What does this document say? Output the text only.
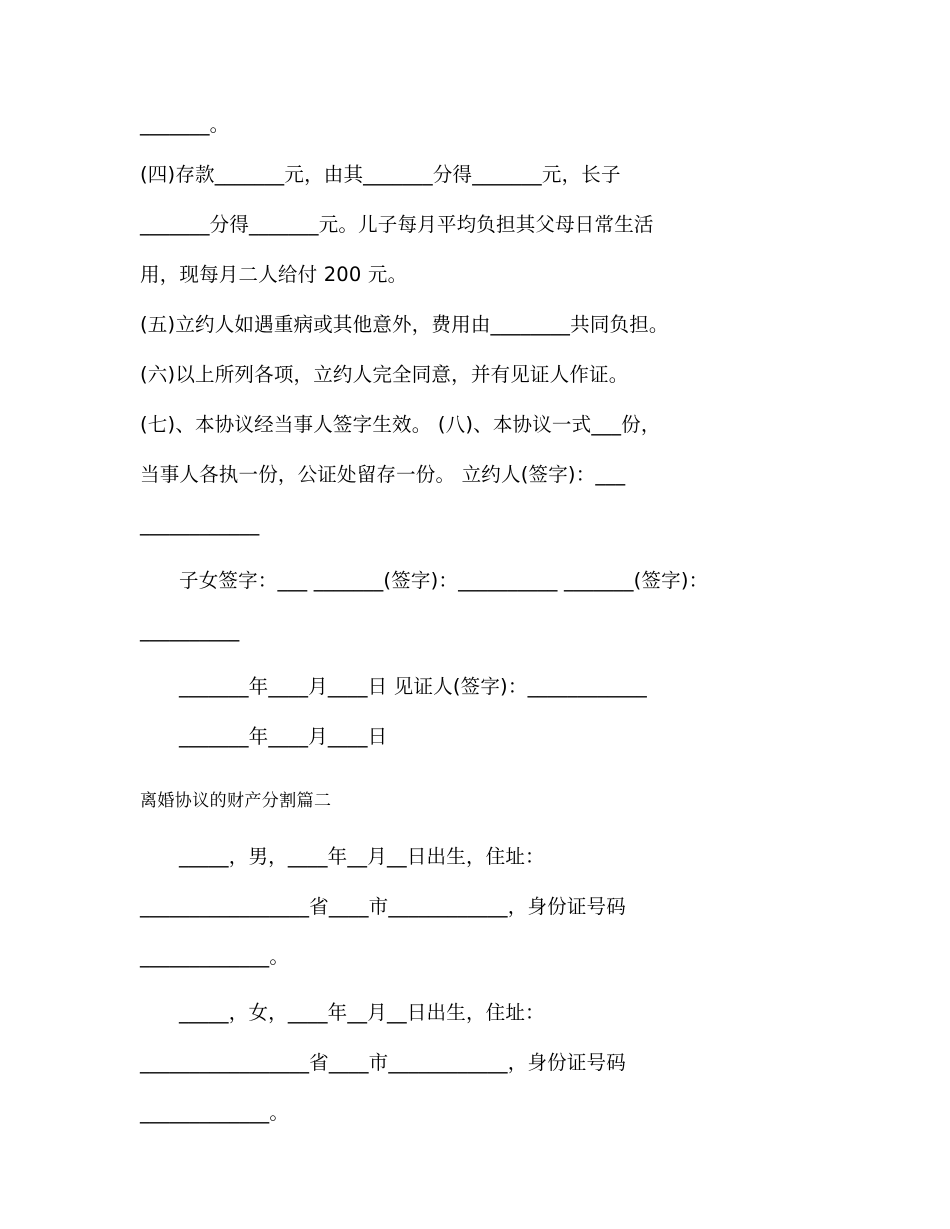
_______。

(四)存款_______元，由其_______分得_______元，长子

_______分得_______元。儿子每月平均负担其父母日常生活

用，现每月二人给付 200 元。

(五)立约人如遇重病或其他意外，费用由________共同负担。

(六)以上所列各项，立约人完全同意，并有见证人作证。

(七)、本协议经当事人签字生效。 (八)、本协议一式___份，

当事人各执一份，公证处留存一份。 立约人(签字)：___

____________

子女签字：___ _______(签字)：__________ _______(签字)：

__________

_______年____月____日 见证人(签字)：____________

_______年____月____日

离婚协议的财产分割篇二

_____，男，____年__月__日出生，住址：

_________________省____市____________，身份证号码

_____________。

_____，女，____年__月__日出生，住址：

_________________省____市____________，身份证号码

_____________。
